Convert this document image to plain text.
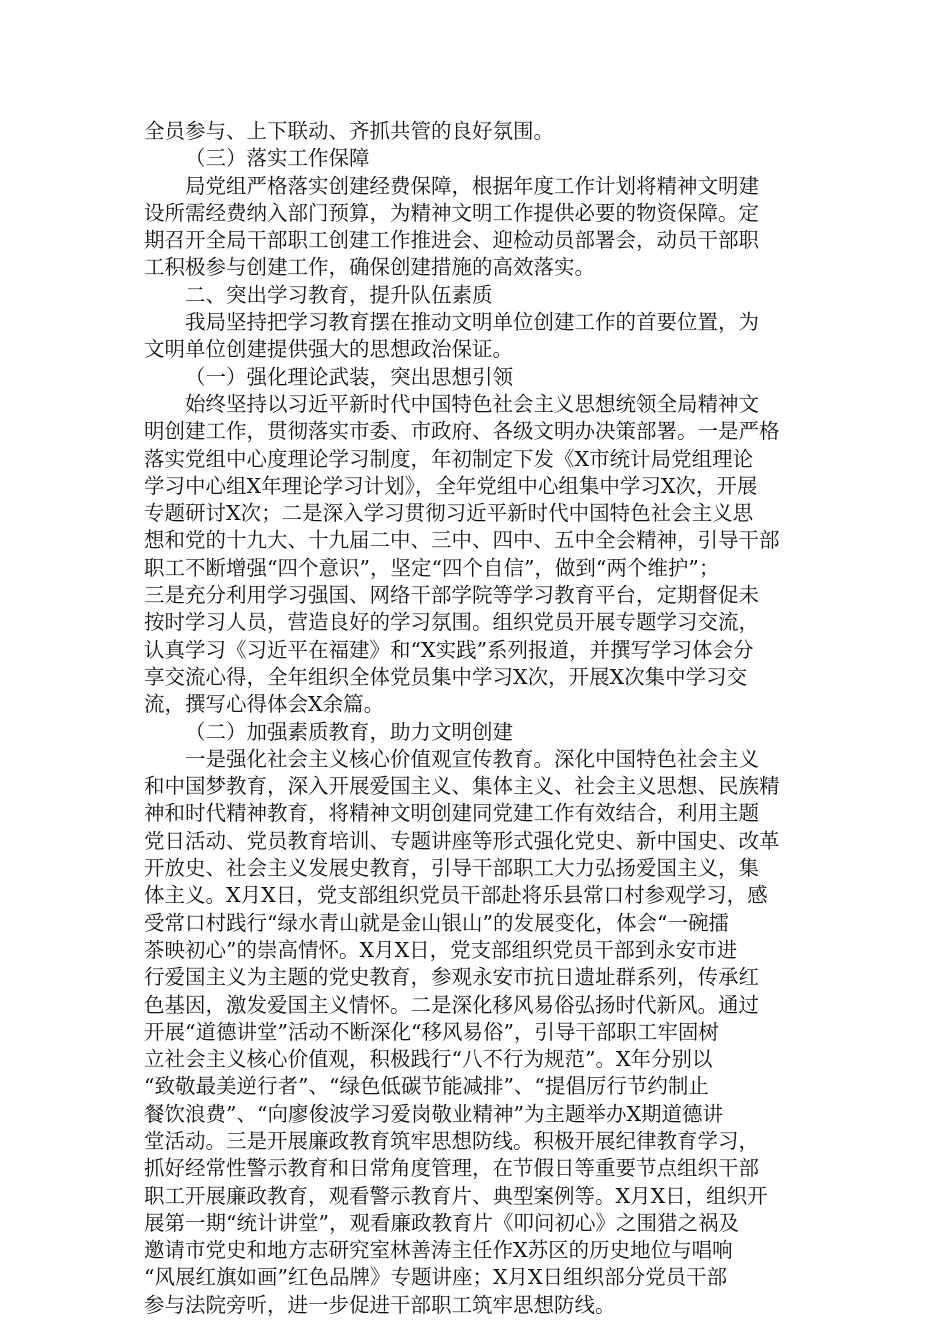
全员参与、上下联动、齐抓共管的良好氛围。
（三）落实工作保障
局党组严格落实创建经费保障，根据年度工作计划将精神文明建
设所需经费纳入部门预算，为精神文明工作提供必要的物资保障。定
期召开全局干部职工创建工作推进会、迎检动员部署会，动员干部职
工积极参与创建工作，确保创建措施的高效落实。
二、突出学习教育，提升队伍素质
我局坚持把学习教育摆在推动文明单位创建工作的首要位置，为
文明单位创建提供强大的思想政治保证。
（一）强化理论武装，突出思想引领
始终坚持以习近平新时代中国特色社会主义思想统领全局精神文
明创建工作，贯彻落实市委、市政府、各级文明办决策部署。一是严格
落实党组中心度理论学习制度，年初制定下发《X市统计局党组理论
学习中心组X年理论学习计划》，全年党组中心组集中学习X次，开展
专题研讨X次；二是深入学习贯彻习近平新时代中国特色社会主义思
想和党的十九大、十九届二中、三中、四中、五中全会精神，引导干部
职工不断增强“四个意识”，坚定“四个自信”，做到“两个维护”；
三是充分利用学习强国、网络干部学院等学习教育平台，定期督促未
按时学习人员，营造良好的学习氛围。组织党员开展专题学习交流，
认真学习《习近平在福建》和“X实践”系列报道，并撰写学习体会分
享交流心得，全年组织全体党员集中学习X次，开展X次集中学习交
流，撰写心得体会X余篇。
（二）加强素质教育，助力文明创建
一是强化社会主义核心价值观宣传教育。深化中国特色社会主义
和中国梦教育，深入开展爱国主义、集体主义、社会主义思想、民族精
神和时代精神教育，将精神文明创建同党建工作有效结合，利用主题
党日活动、党员教育培训、专题讲座等形式强化党史、新中国史、改革
开放史、社会主义发展史教育，引导干部职工大力弘扬爱国主义，集
体主义。X月X日，党支部组织党员干部赴将乐县常口村参观学习，感
受常口村践行“绿水青山就是金山银山”的发展变化，体会“一碗擂
茶映初心”的崇高情怀。X月X日，党支部组织党员干部到永安市进
行爱国主义为主题的党史教育，参观永安市抗日遗址群系列，传承红
色基因，激发爱国主义情怀。二是深化移风易俗弘扬时代新风。通过
开展“道德讲堂”活动不断深化“移风易俗”，引导干部职工牢固树
立社会主义核心价值观，积极践行“八不行为规范”。X年分别以
“致敬最美逆行者”、“绿色低碳节能减排”、“提倡厉行节约制止
餐饮浪费”、“向廖俊波学习爱岗敬业精神”为主题举办X期道德讲
堂活动。三是开展廉政教育筑牢思想防线。积极开展纪律教育学习，
抓好经常性警示教育和日常角度管理，在节假日等重要节点组织干部
职工开展廉政教育，观看警示教育片、典型案例等。X月X日，组织开
展第一期“统计讲堂”，观看廉政教育片《叩问初心》之围猎之祸及
邀请市党史和地方志研究室林善涛主任作X苏区的历史地位与唱响
“风展红旗如画”红色品牌》专题讲座；X月X日组织部分党员干部
参与法院旁听，进一步促进干部职工筑牢思想防线。
